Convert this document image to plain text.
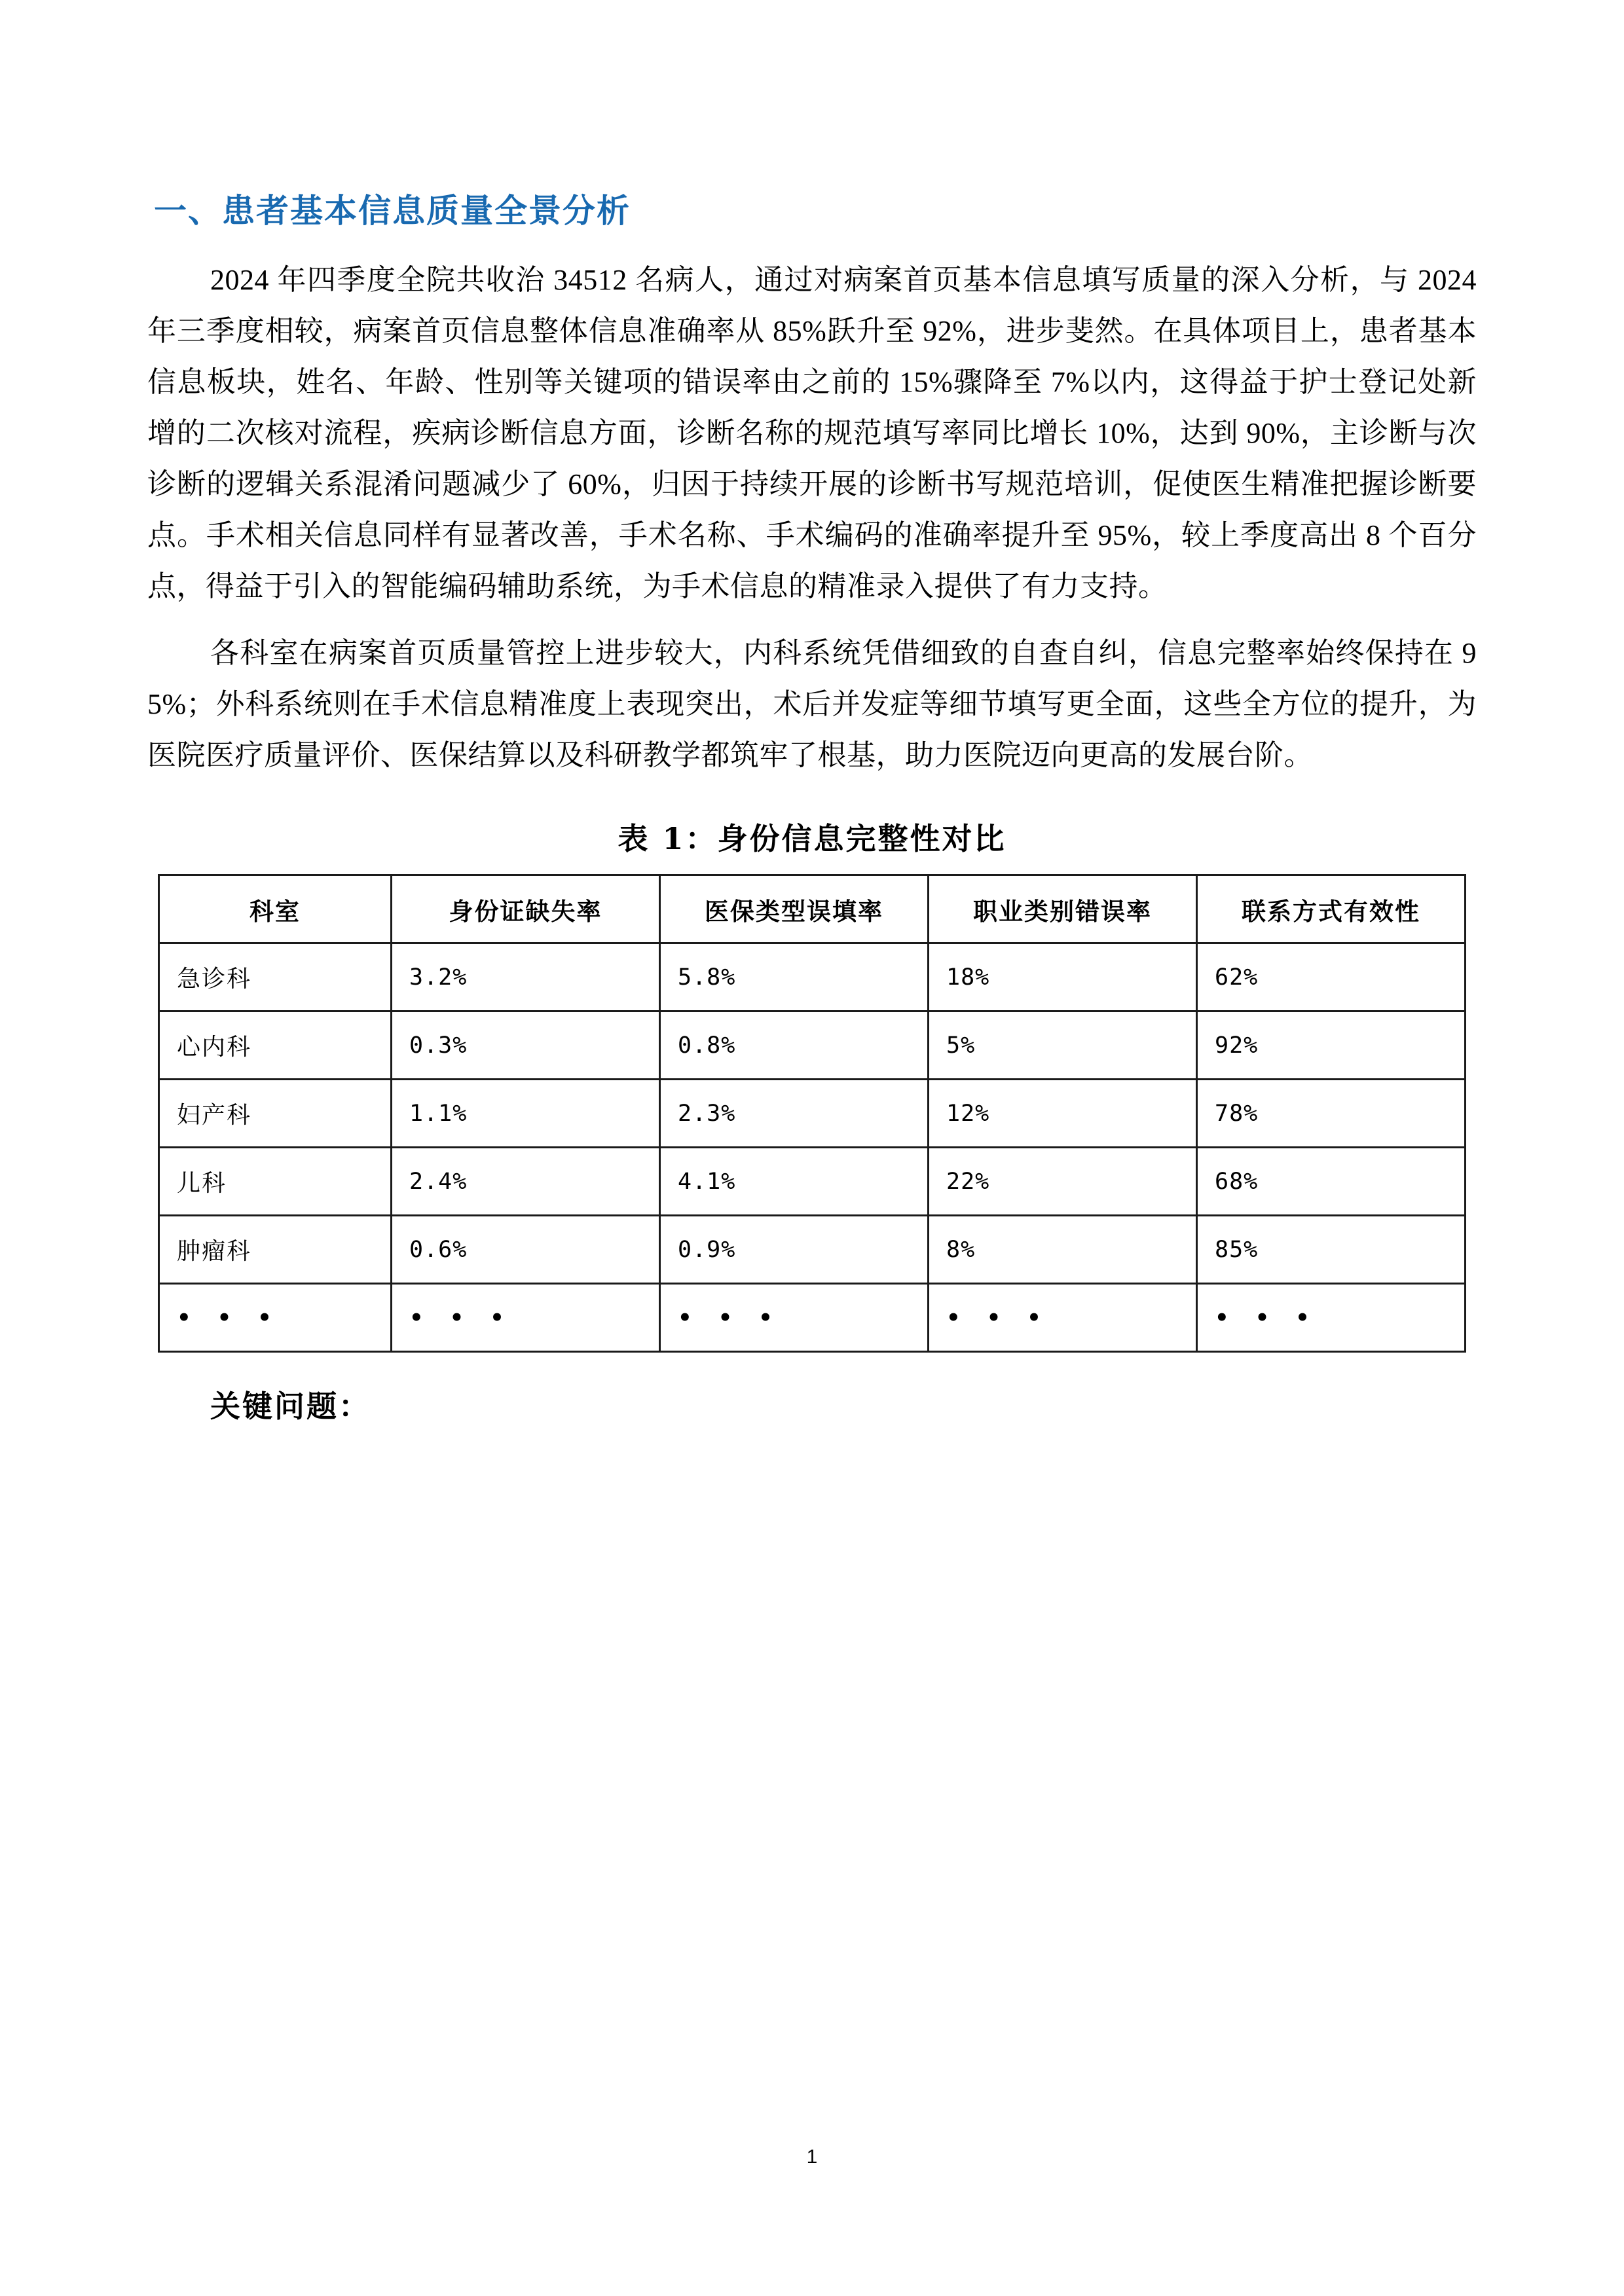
一、患者基本信息质量全景分析

2024 年四季度全院共收治 34512 名病人，通过对病案首页基本信息填写质量的深入分析，与 2024 年三季度相较，病案首页信息整体信息准确率从 85%跃升至 92%，进步斐然。在具体项目上，患者基本信息板块，姓名、年龄、性别等关键项的错误率由之前的 15%骤降至 7%以内，这得益于护士登记处新增的二次核对流程，疾病诊断信息方面，诊断名称的规范填写率同比增长 10%，达到 90%，主诊断与次诊断的逻辑关系混淆问题减少了 60%，归因于持续开展的诊断书写规范培训，促使医生精准把握诊断要点。手术相关信息同样有显著改善，手术名称、手术编码的准确率提升至 95%，较上季度高出 8 个百分点，得益于引入的智能编码辅助系统，为手术信息的精准录入提供了有力支持。

各科室在病案首页质量管控上进步较大，内科系统凭借细致的自查自纠，信息完整率始终保持在 95%；外科系统则在手术信息精准度上表现突出，术后并发症等细节填写更全面，这些全方位的提升，为医院医疗质量评价、医保结算以及科研教学都筑牢了根基，助力医院迈向更高的发展台阶。

表 1：身份信息完整性对比
科室	身份证缺失率	医保类型误填率	职业类别错误率	联系方式有效性
急诊科	3.2%	5.8%	18%	62%
心内科	0.3%	0.8%	5%	92%
妇产科	1.1%	2.3%	12%	78%
儿科	2.4%	4.1%	22%	68%
肿瘤科	0.6%	0.9%	8%	85%
• • •	• • •	• • •	• • •	• • •
关键问题：
1
